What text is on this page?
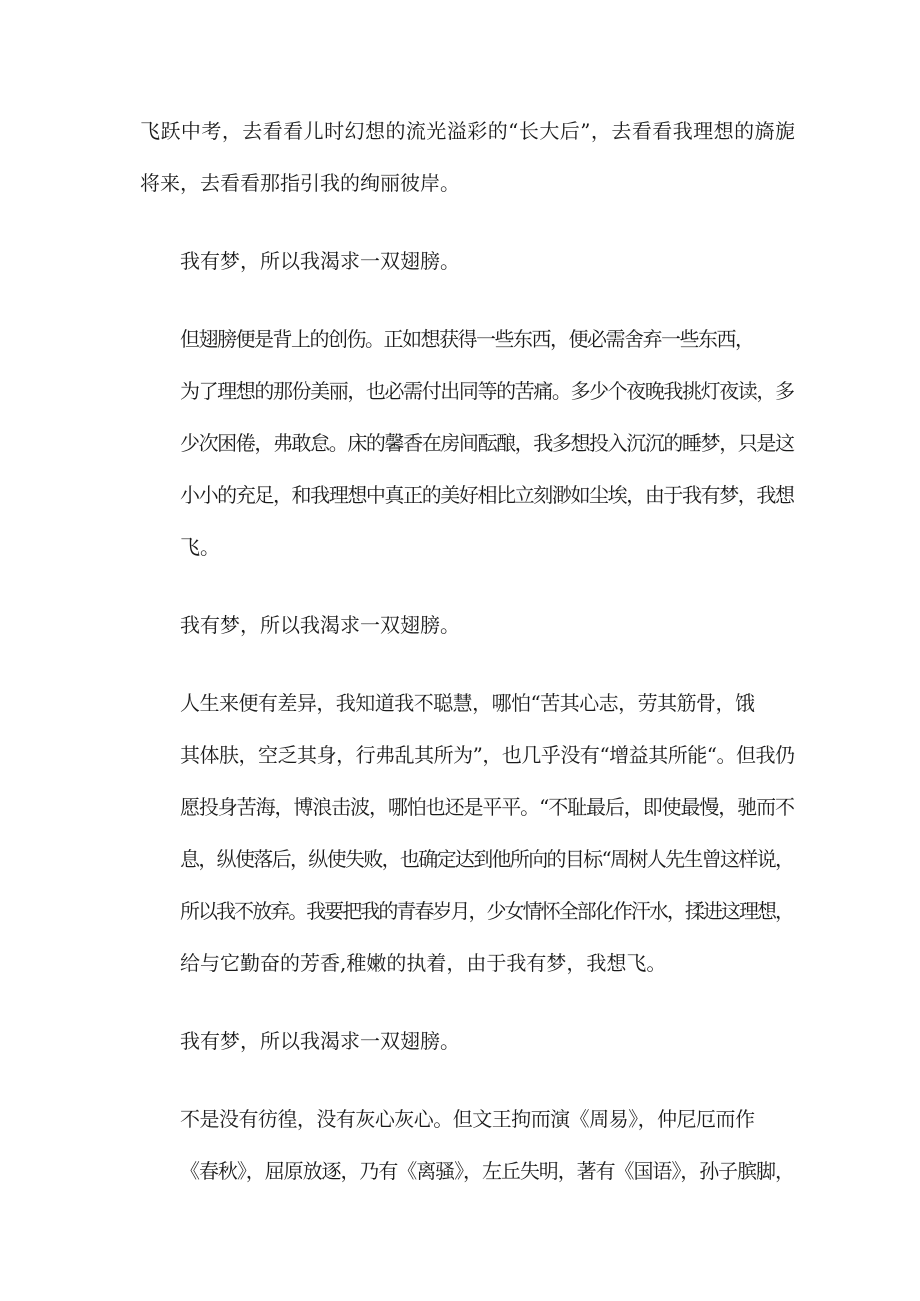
飞跃中考，去看看儿时幻想的流光溢彩的“长大后”，去看看我理想的旖旎
将来，去看看那指引我的绚丽彼岸。
我有梦，所以我渴求一双翅膀。
但翅膀便是背上的创伤。正如想获得一些东西，便必需舍弃一些东西，
为了理想的那份美丽，也必需付出同等的苦痛。多少个夜晚我挑灯夜读，多
少次困倦，弗敢怠。床的馨香在房间酝酿，我多想投入沉沉的睡梦，只是这
小小的充足，和我理想中真正的美好相比立刻渺如尘埃，由于我有梦，我想
飞。
我有梦，所以我渴求一双翅膀。
人生来便有差异，我知道我不聪慧，哪怕“苦其心志，劳其筋骨，饿
其体肤，空乏其身，行弗乱其所为”，也几乎没有“增益其所能“。但我仍
愿投身苦海，博浪击波，哪怕也还是平平。“不耻最后，即使最慢，驰而不
息，纵使落后，纵使失败，也确定达到他所向的目标“周树人先生曾这样说，
所以我不放弃。我要把我的青春岁月，少女情怀全部化作汗水，揉进这理想，
给与它勤奋的芳香,稚嫩的执着，由于我有梦，我想飞。
我有梦，所以我渴求一双翅膀。
不是没有彷徨，没有灰心灰心。但文王拘而演《周易》，仲尼厄而作
《春秋》，屈原放逐，乃有《离骚》，左丘失明，著有《国语》，孙子膑脚，
